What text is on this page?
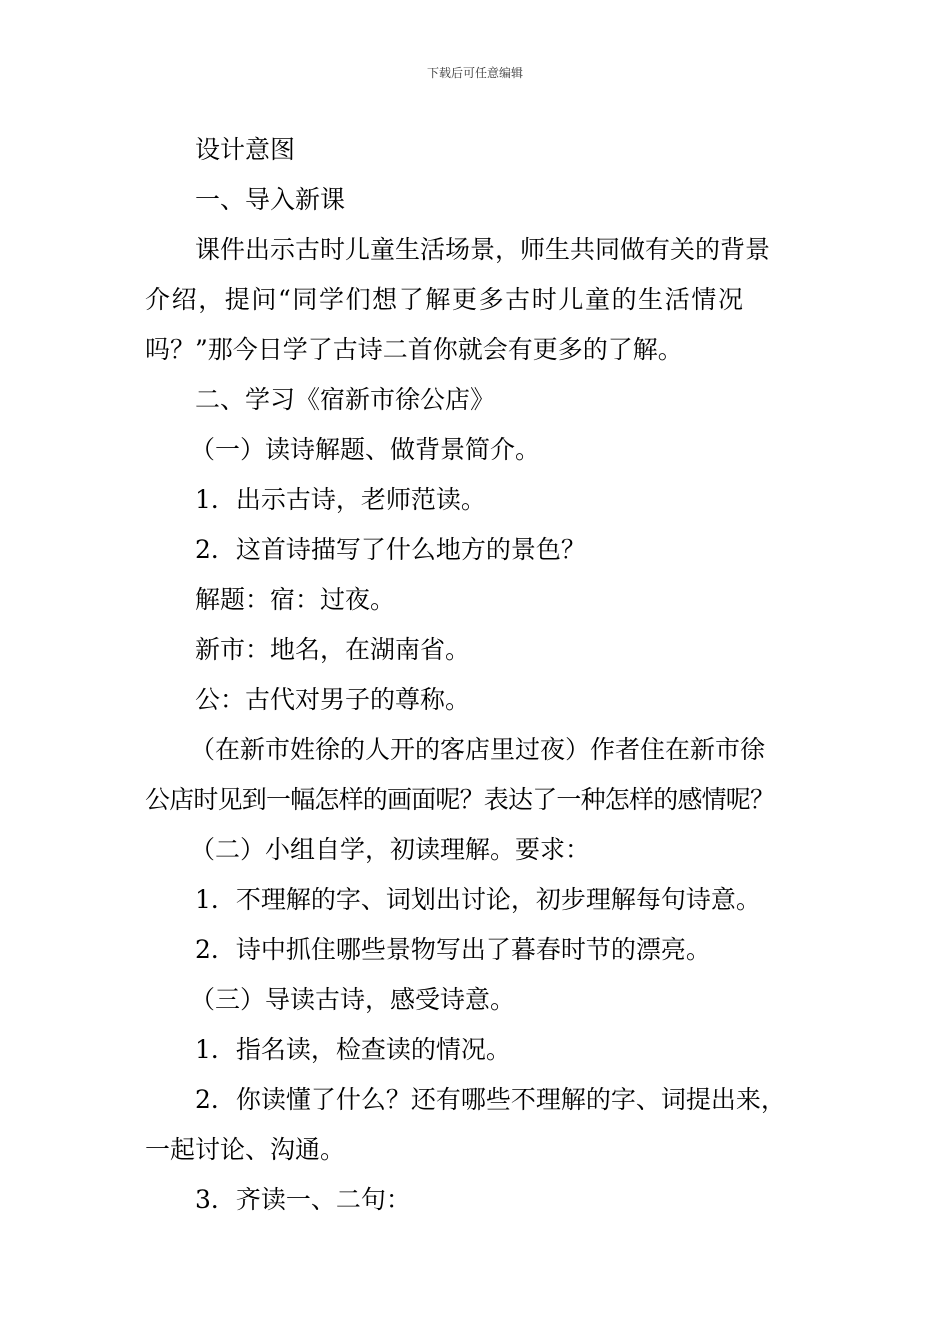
下载后可任意编辑
设计意图
一、导入新课
课件出示古时儿童生活场景，师生共同做有关的背景
介绍，提问“同学们想了解更多古时儿童的生活情况
吗？”那今日学了古诗二首你就会有更多的了解。
二、学习《宿新市徐公店》
（一）读诗解题、做背景简介。
1．出示古诗，老师范读。
2．这首诗描写了什么地方的景色？
解题：宿：过夜。
新市：地名，在湖南省。
公：古代对男子的尊称。
（在新市姓徐的人开的客店里过夜）作者住在新市徐
公店时见到一幅怎样的画面呢？表达了一种怎样的感情呢？
（二）小组自学，初读理解。要求：
1．不理解的字、词划出讨论，初步理解每句诗意。
2．诗中抓住哪些景物写出了暮春时节的漂亮。
（三）导读古诗，感受诗意。
1．指名读，检查读的情况。
2．你读懂了什么？还有哪些不理解的字、词提出来，
一起讨论、沟通。
3．齐读一、二句：
